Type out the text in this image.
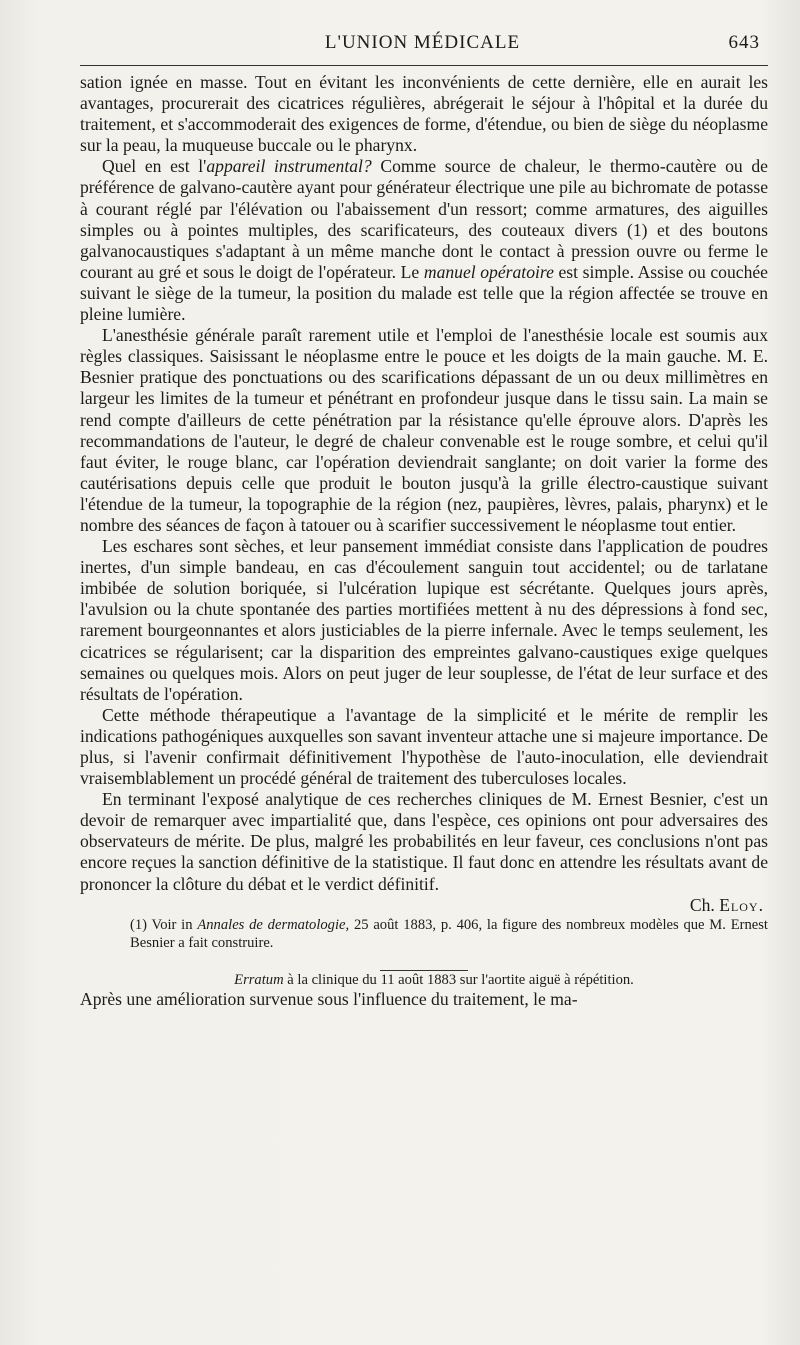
L'UNION MÉDICALE	643

sation ignée en masse. Tout en évitant les inconvénients de cette dernière, elle en aurait les avantages, procurerait des cicatrices régulières, abrégerait le séjour à l'hôpital et la durée du traitement, et s'accommoderait des exigences de forme, d'étendue, ou bien de siège du néoplasme sur la peau, la muqueuse buccale ou le pharynx.

Quel en est l'appareil instrumental? Comme source de chaleur, le thermo-cautère ou de préférence de galvano-cautère ayant pour générateur électrique une pile au bichromate de potasse à courant réglé par l'élévation ou l'abaissement d'un ressort; comme armatures, des aiguilles simples ou à pointes multiples, des scarificateurs, des couteaux divers (1) et des boutons galvanocaustiques s'adaptant à un même manche dont le contact à pression ouvre ou ferme le courant au gré et sous le doigt de l'opérateur. Le manuel opératoire est simple. Assise ou couchée suivant le siège de la tumeur, la position du malade est telle que la région affectée se trouve en pleine lumière.

L'anesthésie générale paraît rarement utile et l'emploi de l'anesthésie locale est soumis aux règles classiques. Saisissant le néoplasme entre le pouce et les doigts de la main gauche. M. E. Besnier pratique des ponctuations ou des scarifications dépassant de un ou deux millimètres en largeur les limites de la tumeur et pénétrant en profondeur jusque dans le tissu sain. La main se rend compte d'ailleurs de cette pénétration par la résistance qu'elle éprouve alors. D'après les recommandations de l'auteur, le degré de chaleur convenable est le rouge sombre, et celui qu'il faut éviter, le rouge blanc, car l'opération deviendrait sanglante; on doit varier la forme des cautérisations depuis celle que produit le bouton jusqu'à la grille électro-caustique suivant l'étendue de la tumeur, la topographie de la région (nez, paupières, lèvres, palais, pharynx) et le nombre des séances de façon à tatouer ou à scarifier successivement le néoplasme tout entier.

Les eschares sont sèches, et leur pansement immédiat consiste dans l'application de poudres inertes, d'un simple bandeau, en cas d'écoulement sanguin tout accidentel; ou de tarlatane imbibée de solution boriquée, si l'ulcération lupique est sécrétante. Quelques jours après, l'avulsion ou la chute spontanée des parties mortifiées mettent à nu des dépressions à fond sec, rarement bourgeonnantes et alors justiciables de la pierre infernale. Avec le temps seulement, les cicatrices se régularisent; car la disparition des empreintes galvano-caustiques exige quelques semaines ou quelques mois. Alors on peut juger de leur souplesse, de l'état de leur surface et des résultats de l'opération.

Cette méthode thérapeutique a l'avantage de la simplicité et le mérite de remplir les indications pathogéniques auxquelles son savant inventeur attache une si majeure importance. De plus, si l'avenir confirmait définitivement l'hypothèse de l'auto-inoculation, elle deviendrait vraisemblablement un procédé général de traitement des tuberculoses locales.

En terminant l'exposé analytique de ces recherches cliniques de M. Ernest Besnier, c'est un devoir de remarquer avec impartialité que, dans l'espèce, ces opinions ont pour adversaires des observateurs de mérite. De plus, malgré les probabilités en leur faveur, ces conclusions n'ont pas encore reçues la sanction définitive de la statistique. Il faut donc en attendre les résultats avant de prononcer la clôture du débat et le verdict définitif.

Ch. Eloy.

(1) Voir in Annales de dermatologie, 25 août 1883, p. 406, la figure des nombreux modèles que M. Ernest Besnier a fait construire.

Erratum à la clinique du 11 août 1883 sur l'aortite aiguë à répétition.

Après une amélioration survenue sous l'influence du traitement, le ma-
